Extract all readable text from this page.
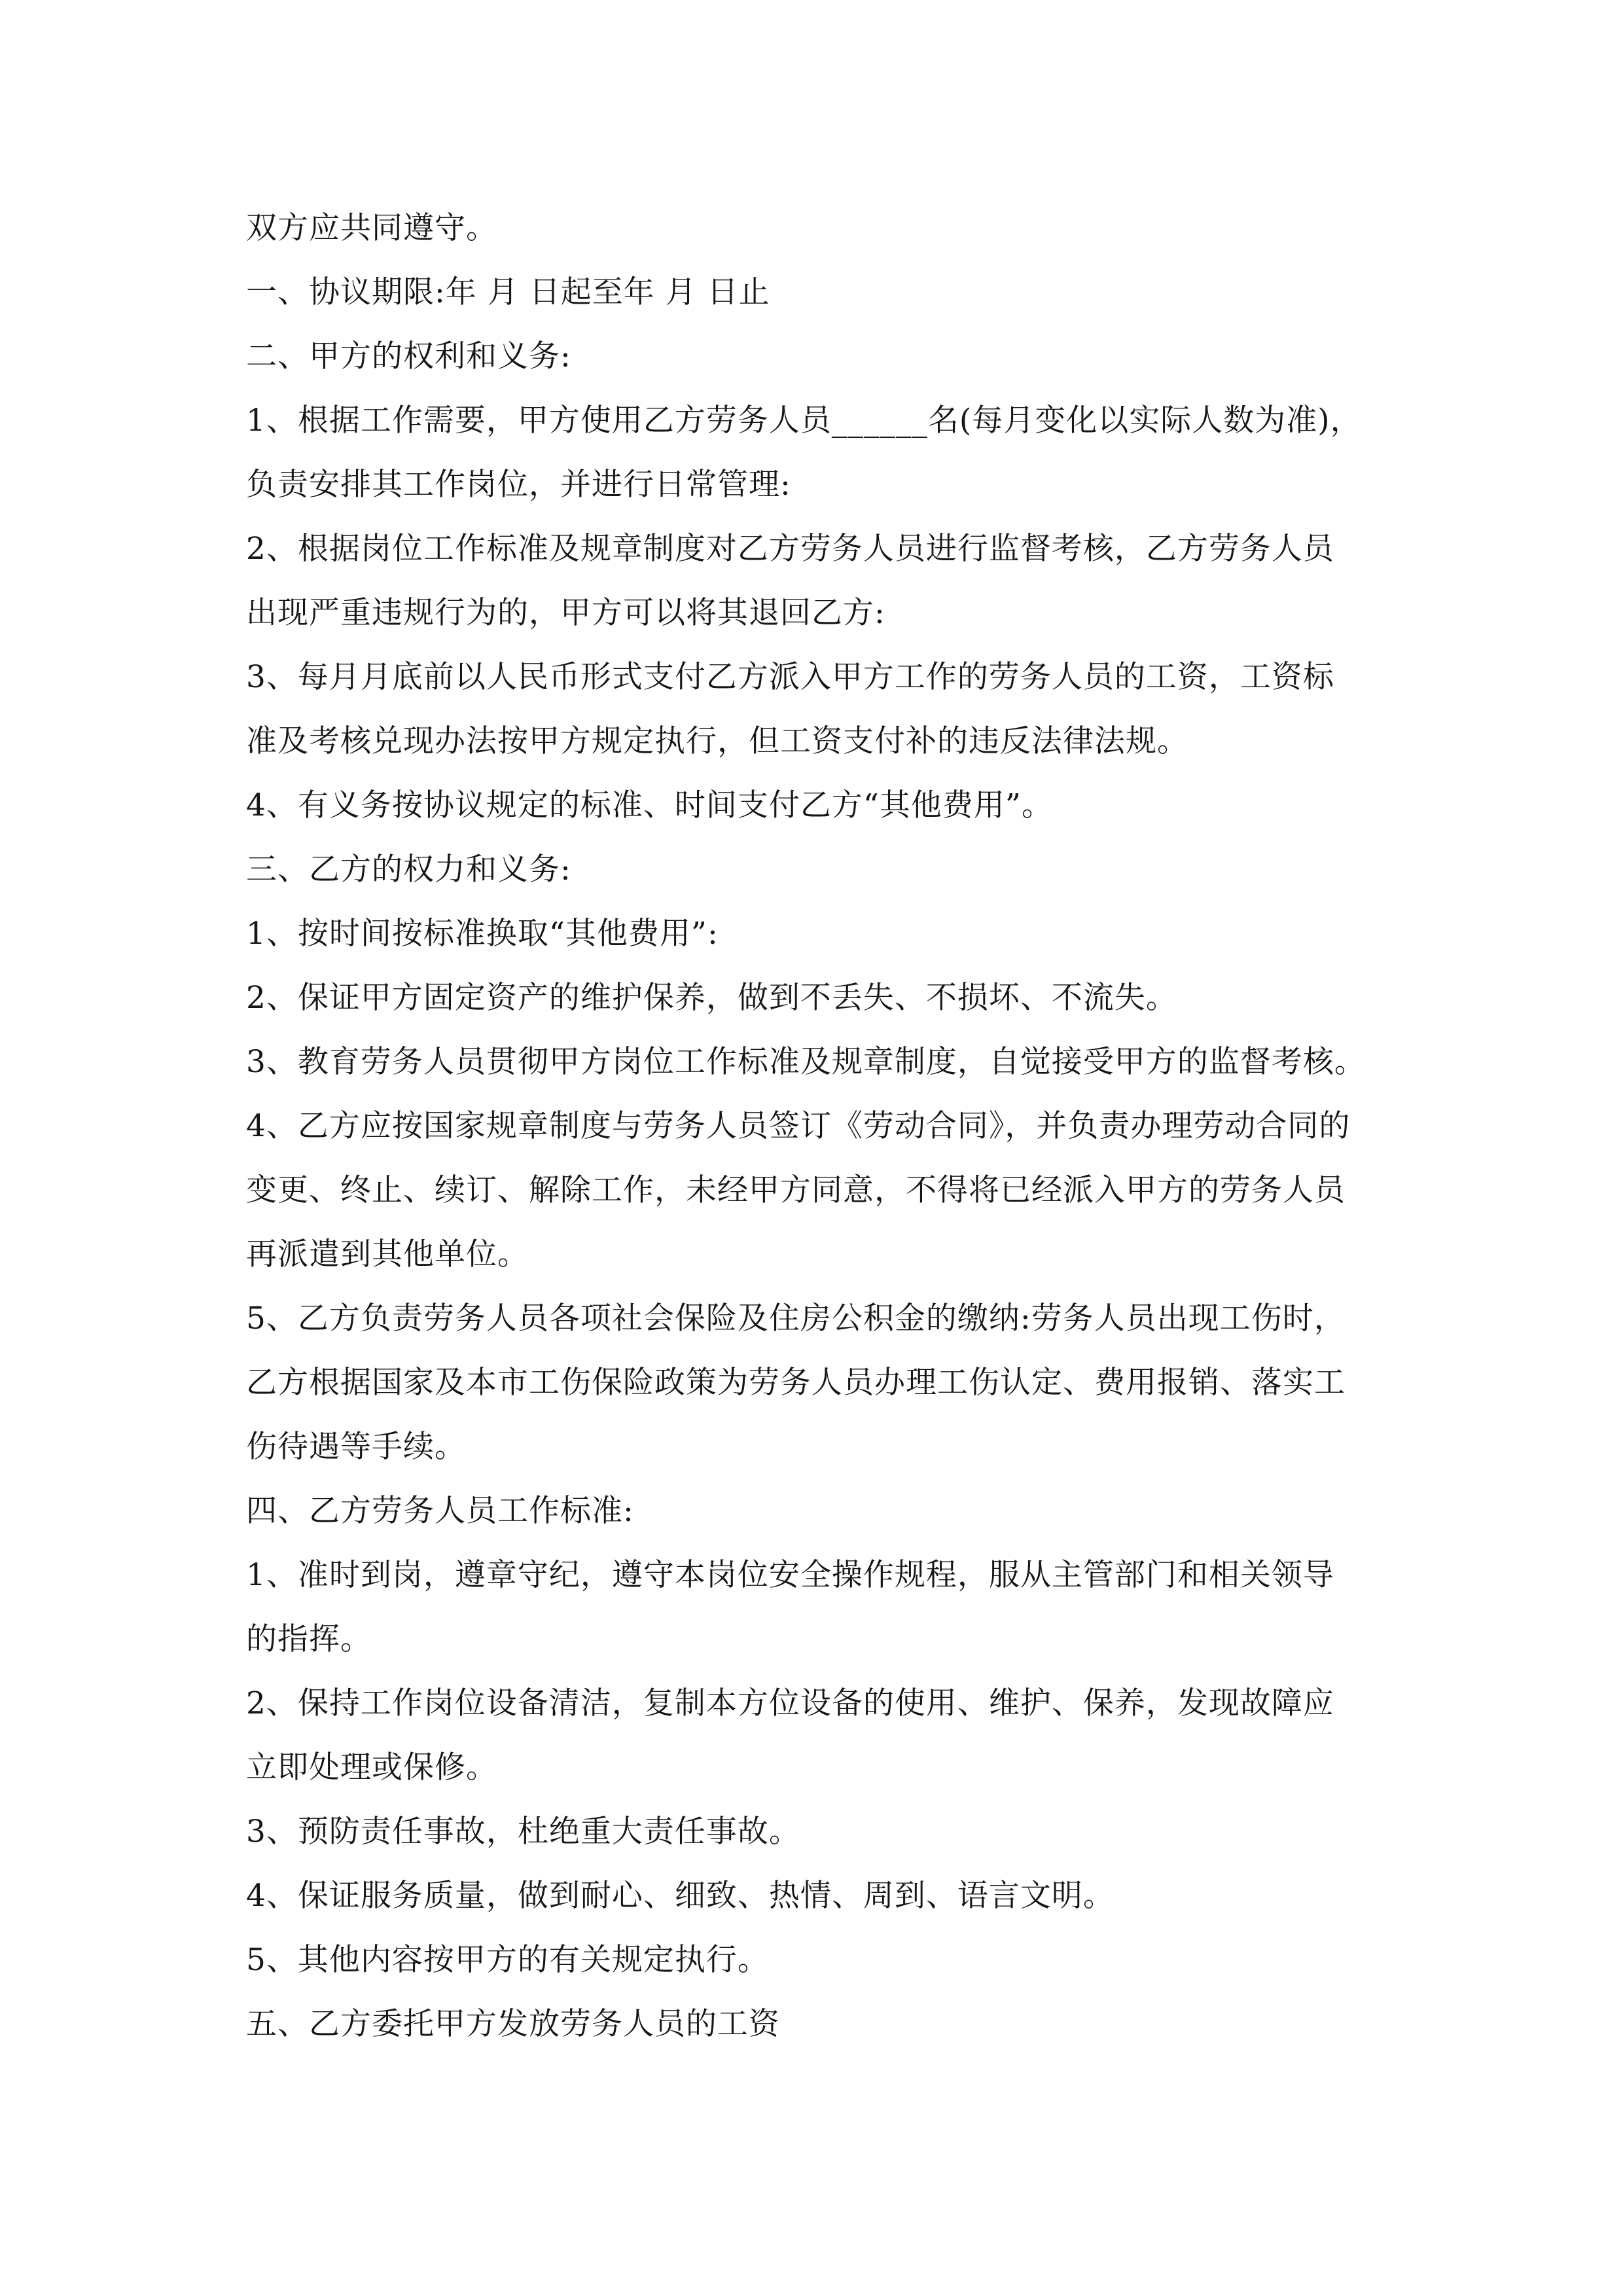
双方应共同遵守。
一、协议期限:年 月 日起至年 月 日止
二、甲方的权利和义务:
1、根据工作需要，甲方使用乙方劳务人员______名(每月变化以实际人数为准)，
负责安排其工作岗位，并进行日常管理:
2、根据岗位工作标准及规章制度对乙方劳务人员进行监督考核，乙方劳务人员
出现严重违规行为的，甲方可以将其退回乙方:
3、每月月底前以人民币形式支付乙方派入甲方工作的劳务人员的工资，工资标
准及考核兑现办法按甲方规定执行，但工资支付补的违反法律法规。
4、有义务按协议规定的标准、时间支付乙方“其他费用”。
三、乙方的权力和义务:
1、按时间按标准换取“其他费用”:
2、保证甲方固定资产的维护保养，做到不丢失、不损坏、不流失。
3、教育劳务人员贯彻甲方岗位工作标准及规章制度，自觉接受甲方的监督考核。
4、乙方应按国家规章制度与劳务人员签订《劳动合同》，并负责办理劳动合同的
变更、终止、续订、解除工作，未经甲方同意，不得将已经派入甲方的劳务人员
再派遣到其他单位。
5、乙方负责劳务人员各项社会保险及住房公积金的缴纳:劳务人员出现工伤时，
乙方根据国家及本市工伤保险政策为劳务人员办理工伤认定、费用报销、落实工
伤待遇等手续。
四、乙方劳务人员工作标准:
1、准时到岗，遵章守纪，遵守本岗位安全操作规程，服从主管部门和相关领导
的指挥。
2、保持工作岗位设备清洁，复制本方位设备的使用、维护、保养，发现故障应
立即处理或保修。
3、预防责任事故，杜绝重大责任事故。
4、保证服务质量，做到耐心、细致、热情、周到、语言文明。
5、其他内容按甲方的有关规定执行。
五、乙方委托甲方发放劳务人员的工资
